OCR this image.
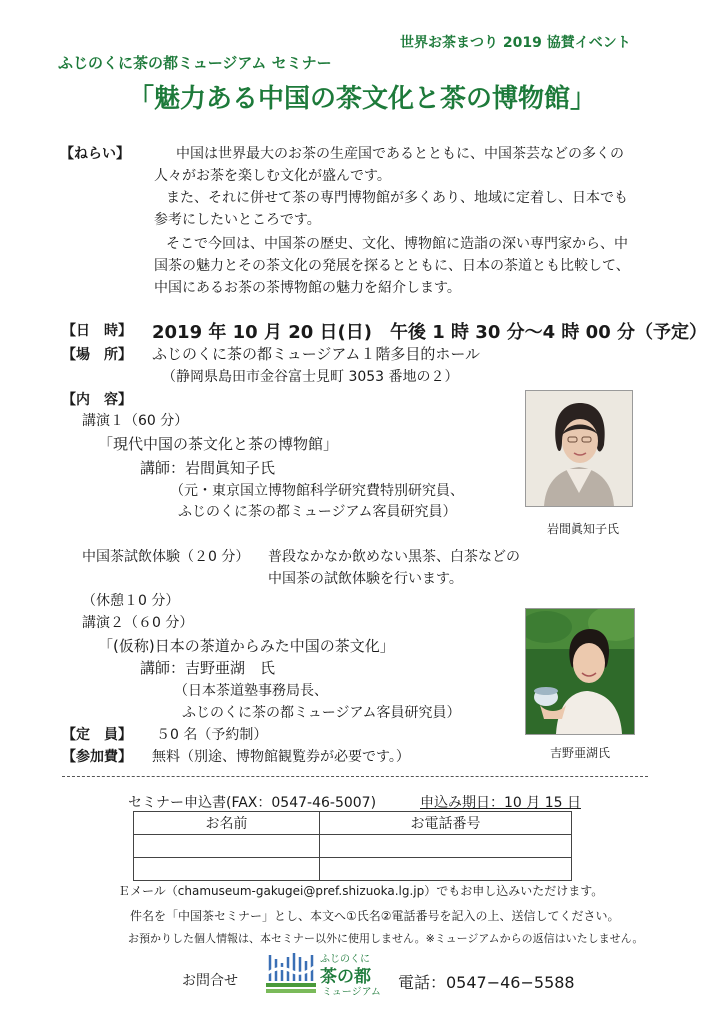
世界お茶まつり 2019 協賛イベント
ふじのくに茶の都ミュージアム セミナー
「魅力ある中国の茶文化と茶の博物館」
【ねらい】	中国は世界最大のお茶の生産国であるとともに、中国茶芸などの多くの
人々がお茶を楽しむ文化が盛んです。
また、それに併せて茶の専門博物館が多くあり、地域に定着し、日本でも
参考にしたいところです。
そこで今回は、中国茶の歴史、文化、博物館に造詣の深い専門家から、中
国茶の魅力とその茶文化の発展を探るとともに、日本の茶道とも比較して、
中国にあるお茶の茶博物館の魅力を紹介します。
【日　時】 2019 年 10 月 20 日(日)　午後 1 時 30 分〜4 時 00 分（予定）
【場　所】 ふじのくに茶の都ミュージアム１階多目的ホール
（静岡県島田市金谷富士見町 3053 番地の２）
【内　容】
講演１（60 分）
「現代中国の茶文化と茶の博物館」
講師：岩間眞知子氏
（元・東京国立博物館科学研究費特別研究員、
ふじのくに茶の都ミュージアム客員研究員）
岩間眞知子氏
中国茶試飲体験（２0 分） 普段なかなか飲めない黒茶、白茶などの
中国茶の試飲体験を行います。
（休憩１0 分）
講演２（６0 分）
「(仮称)日本の茶道からみた中国の茶文化」
講師：吉野亜湖　氏
（日本茶道塾事務局長、
ふじのくに茶の都ミュージアム客員研究員）
吉野亜湖氏
【定　員】 ５0 名（予約制）
【参加費】 無料（別途、博物館観覧券が必要です。）
セミナー申込書(FAX：0547-46-5007)	申込み期日：10 月 15 日
お名前	お電話番号

Ｅメール（chamuseum-gakugei@pref.shizuoka.lg.jp）でもお申し込みいただけます。
件名を「中国茶セミナー」とし、本文へ①氏名②電話番号を記入の上、送信してください。
お預かりした個人情報は、本セミナー以外に使用しません。※ミュージアムからの返信はいたしません。
お問合せ
ふじのくに
茶の都
ミュージアム
電話：0547−46−5588
